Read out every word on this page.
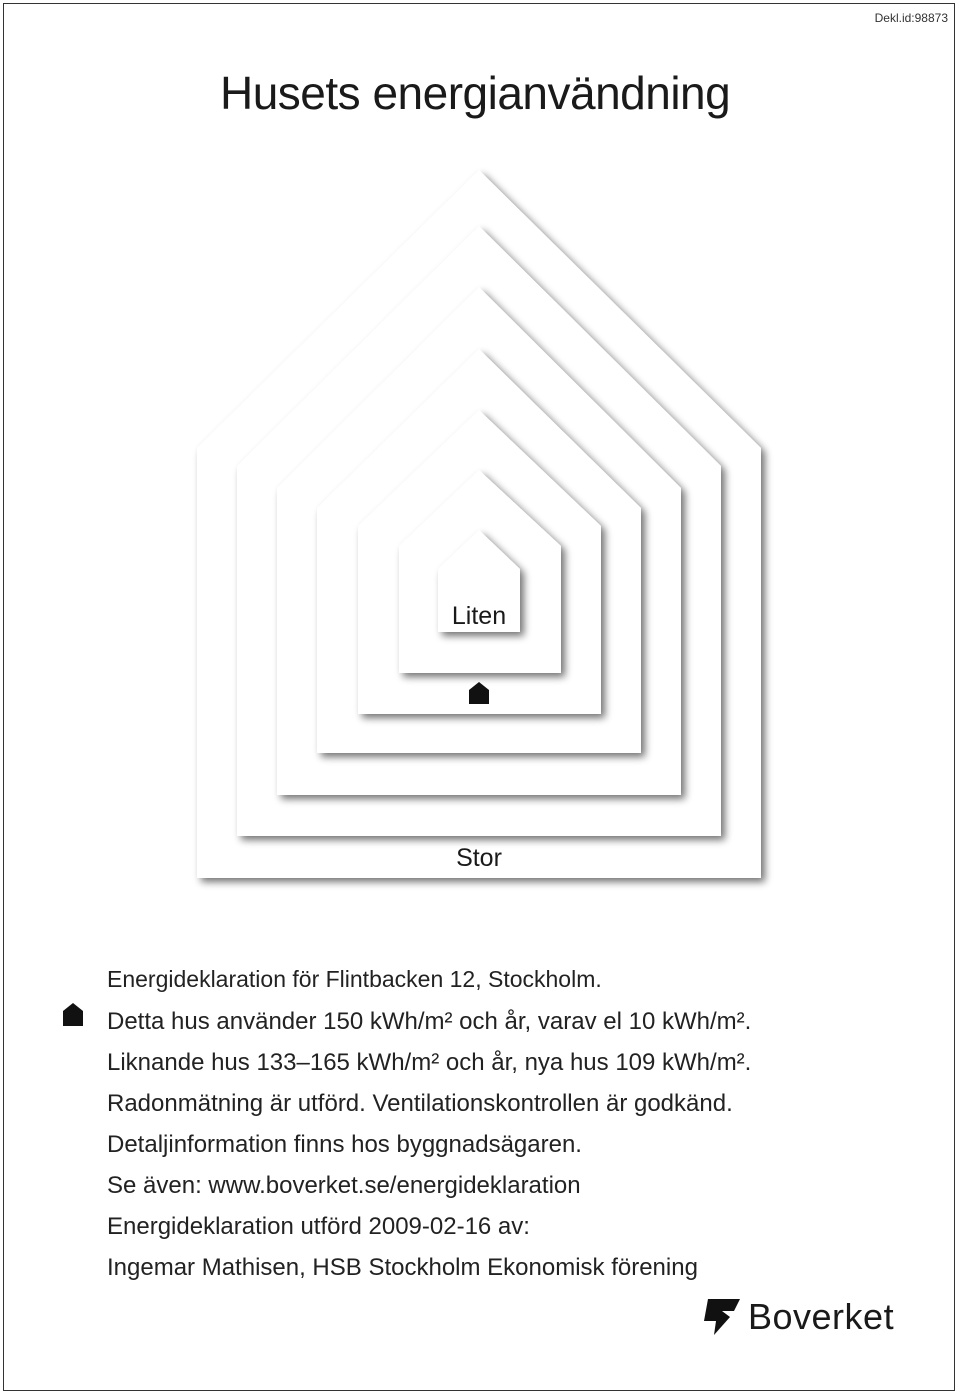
Dekl.id:98873
Husets energianvändning
Liten
Stor
Energideklaration för Flintbacken 12, Stockholm.
Detta hus använder 150 kWh/m² och år, varav el 10 kWh/m².
Liknande hus 133–165 kWh/m² och år, nya hus 109 kWh/m².
Radonmätning är utförd. Ventilationskontrollen är godkänd.
Detaljinformation finns hos byggnadsägaren.
Se även: www.boverket.se/energideklaration
Energideklaration utförd 2009-02-16 av:
Ingemar Mathisen, HSB Stockholm Ekonomisk förening
Boverket
